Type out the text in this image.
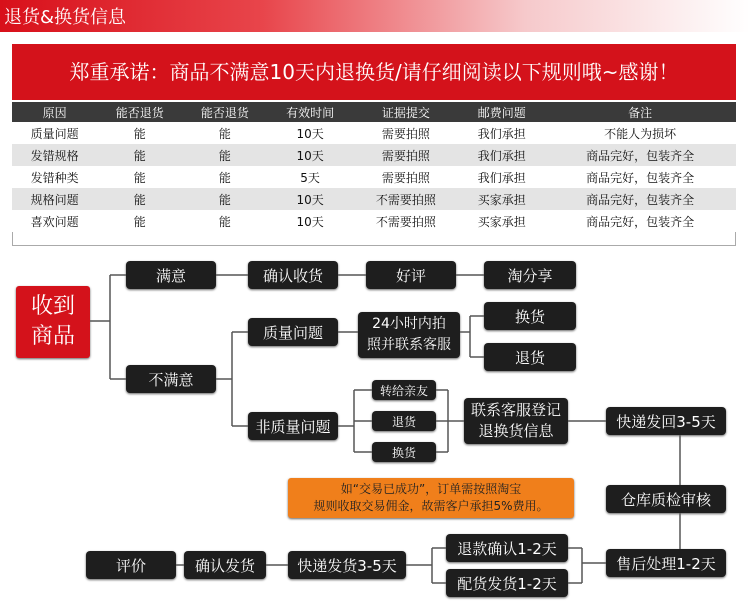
退货&换货信息
郑重承诺：商品不满意10天内退换货/请仔细阅读以下规则哦~感谢！
原因	能否退货	能否退货	有效时间	证据提交	邮费问题	备注
质量问题	能	能	10天	需要拍照	我们承担	不能人为损坏
发错规格	能	能	10天	需要拍照	我们承担	商品完好，包装齐全
发错种类	能	能	5天	需要拍照	我们承担	商品完好，包装齐全
规格问题	能	能	10天	不需要拍照	买家承担	商品完好，包装齐全
喜欢问题	能	能	10天	不需要拍照	买家承担	商品完好，包装齐全
收到
商品
满意
不满意
确认收货	好评	淘分享
质量问题	24小时内拍
照并联系客服
换货
退货
非质量问题
转给亲友
退货
换货
联系客服登记
退换货信息
快递发回3-5天
如“交易已成功”，订单需按照淘宝
规则收取交易佣金，故需客户承担5%费用。	仓库质检审核
售后处理1-2天
退款确认1-2天
配货发货1-2天
快递发货3-5天
确认发货
评价
